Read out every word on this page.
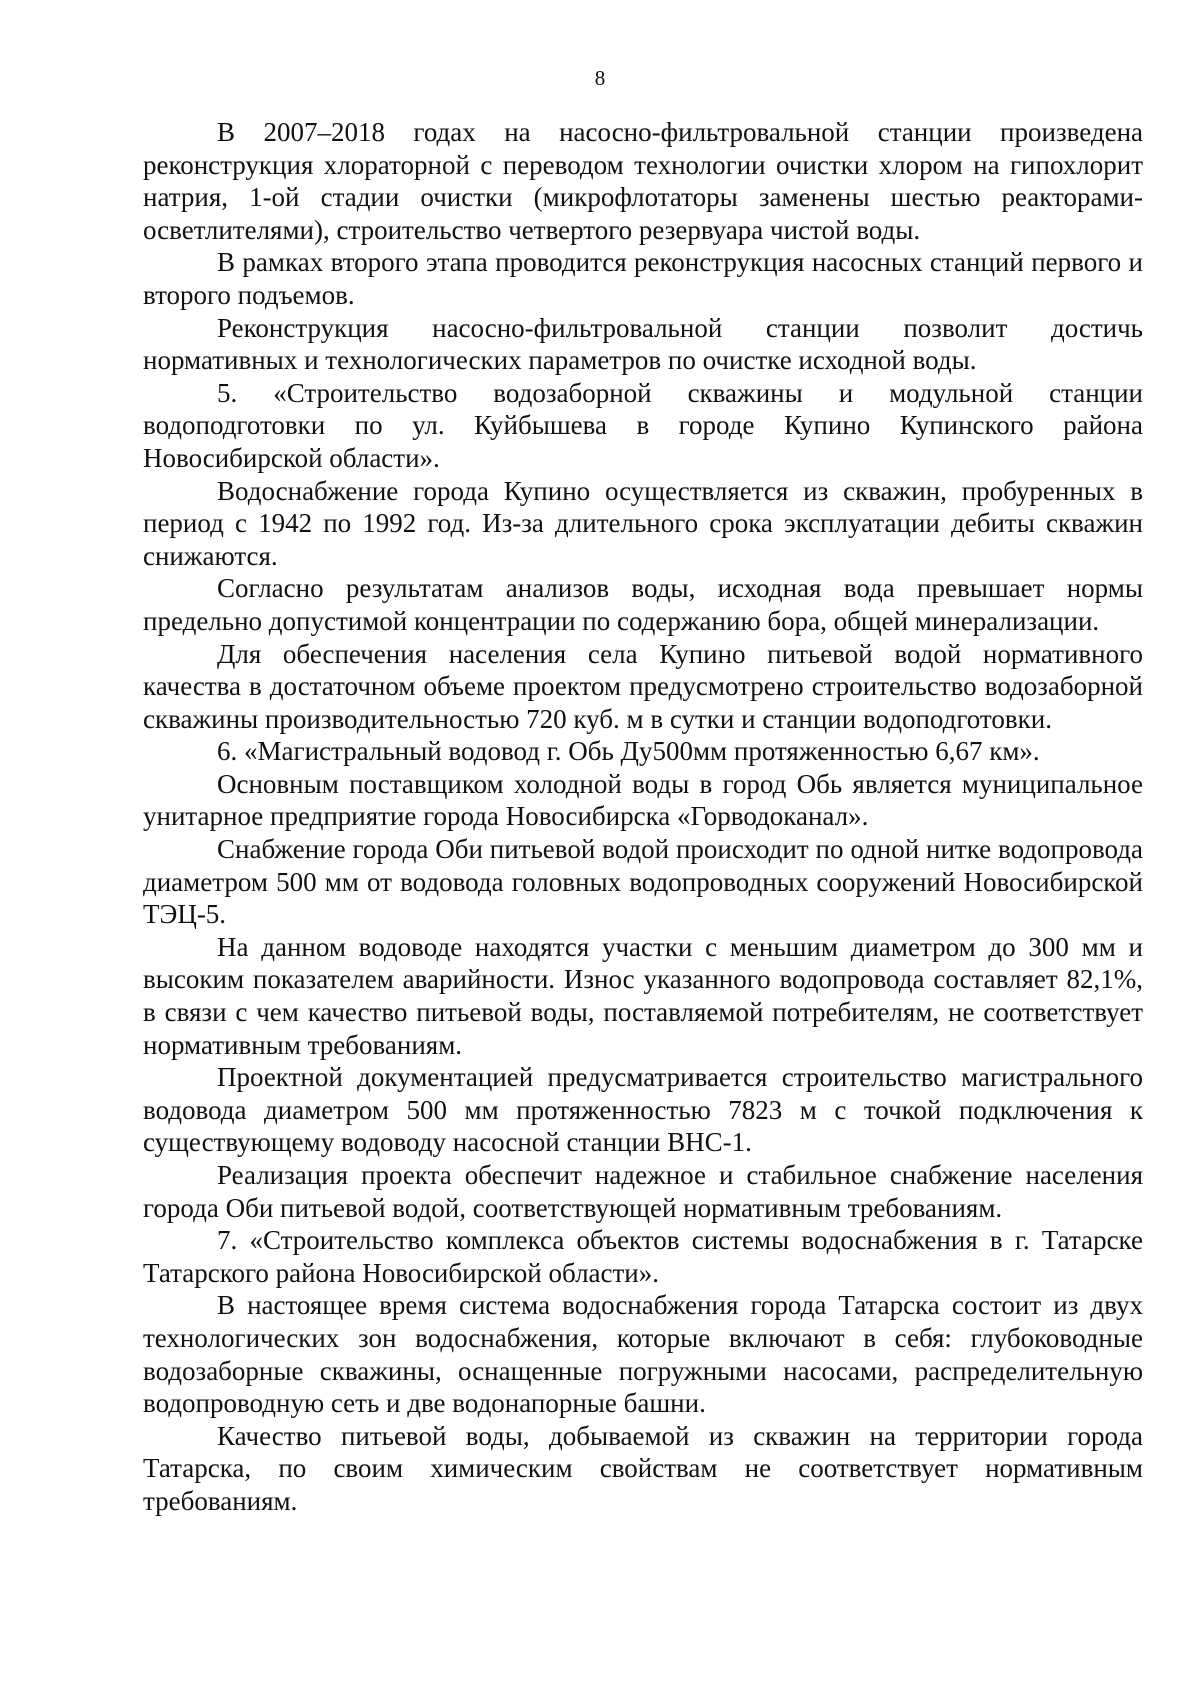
8

В 2007–2018 годах на насосно-фильтровальной станции произведена реконструкция хлораторной с переводом технологии очистки хлором на гипохлорит натрия, 1-ой стадии очистки (микрофлотаторы заменены шестью реакторами-осветлителями), строительство четвертого резервуара чистой воды.

В рамках второго этапа проводится реконструкция насосных станций первого и второго подъемов.

Реконструкция насосно-фильтровальной станции позволит достичь нормативных и технологических параметров по очистке исходной воды.

5. «Строительство водозаборной скважины и модульной станции водоподготовки по ул. Куйбышева в городе Купино Купинского района Новосибирской области».

Водоснабжение города Купино осуществляется из скважин, пробуренных в период с 1942 по 1992 год. Из-за длительного срока эксплуатации дебиты скважин снижаются.

Согласно результатам анализов воды, исходная вода превышает нормы предельно допустимой концентрации по содержанию бора, общей минерализации.

Для обеспечения населения села Купино питьевой водой нормативного качества в достаточном объеме проектом предусмотрено строительство водозаборной скважины производительностью 720 куб. м в сутки и станции водоподготовки.

6. «Магистральный водовод г. Обь Ду500мм протяженностью 6,67 км».

Основным поставщиком холодной воды в город Обь является муниципальное унитарное предприятие города Новосибирска «Горводоканал».

Снабжение города Оби питьевой водой происходит по одной нитке водопровода диаметром 500 мм от водовода головных водопроводных сооружений Новосибирской ТЭЦ-5.

На данном водоводе находятся участки с меньшим диаметром до 300 мм и высоким показателем аварийности. Износ указанного водопровода составляет 82,1%, в связи с чем качество питьевой воды, поставляемой потребителям, не соответствует нормативным требованиям.

Проектной документацией предусматривается строительство магистрального водовода диаметром 500 мм протяженностью 7823 м с точкой подключения к существующему водоводу насосной станции ВНС-1.

Реализация проекта обеспечит надежное и стабильное снабжение населения города Оби питьевой водой, соответствующей нормативным требованиям.

7. «Строительство комплекса объектов системы водоснабжения в г. Татарске Татарского района Новосибирской области».

В настоящее время система водоснабжения города Татарска состоит из двух технологических зон водоснабжения, которые включают в себя: глубоководные водозаборные скважины, оснащенные погружными насосами, распределительную водопроводную сеть и две водонапорные башни.

Качество питьевой воды, добываемой из скважин на территории города Татарска, по своим химическим свойствам не соответствует нормативным требованиям.
